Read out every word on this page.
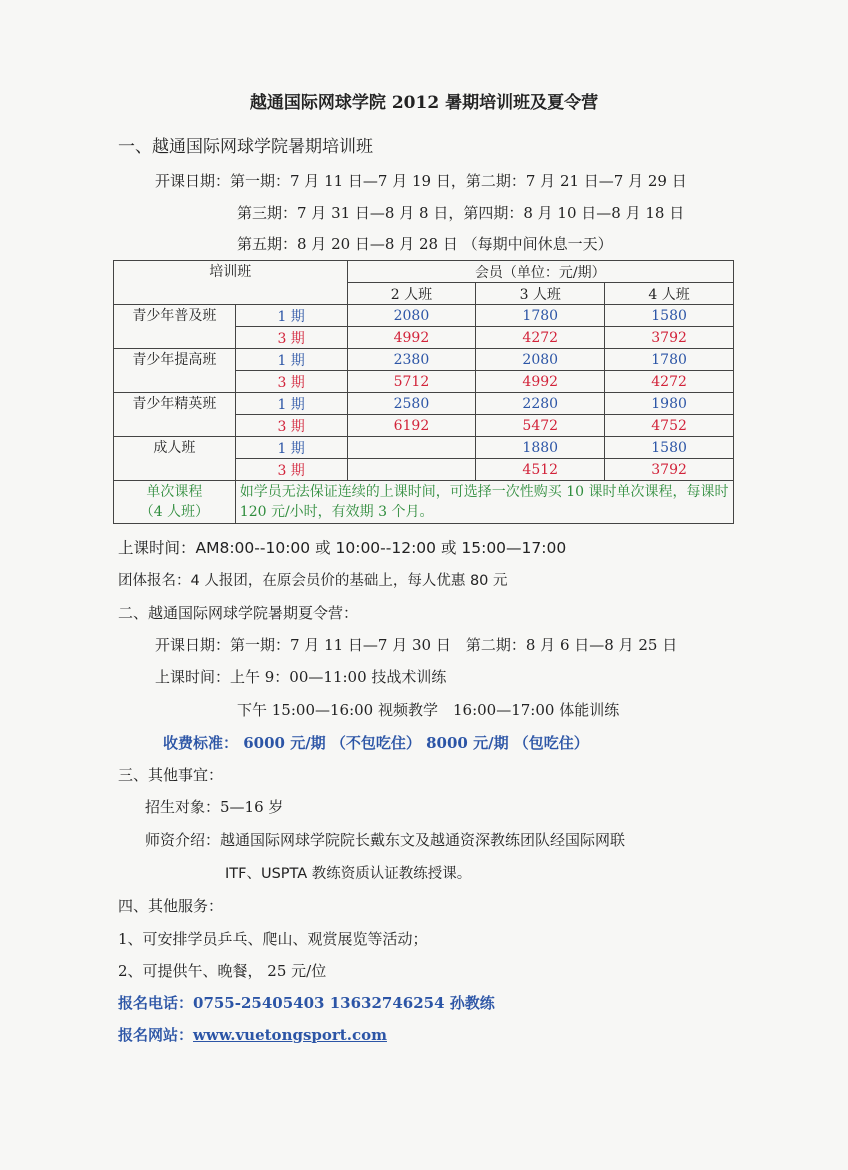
越通国际网球学院 2012 暑期培训班及夏令营
一、越通国际网球学院暑期培训班
开课日期：第一期：7 月 11 日—7 月 19 日，第二期：7 月 21 日—7 月 29 日
第三期：7 月 31 日—8 月 8 日，第四期：8 月 10 日—8 月 18 日
第五期：8 月 20 日—8 月 28 日 （每期中间休息一天）
培训班		会员（单位：元/期）		
		2 人班	3 人班	4 人班
青少年普及班	1 期	2080	1780	1580
	3 期	4992	4272	3792
青少年提高班	1 期	2380	2080	1780
	3 期	5712	4992	4272
青少年精英班	1 期	2580	2280	1980
	3 期	6192	5472	4752
成人班	1 期		1880	1580
	3 期		4512	3792

单次课程
（4 人班）	如学员无法保证连续的上课时间，可选择一次性购买 10 课时单次课程，每课时 120 元/小时，有效期 3 个月。			
上课时间：AM8:00--10:00 或 10:00--12:00 或 15:00—17:00
团体报名：4 人报团，在原会员价的基础上，每人优惠 80 元
二、越通国际网球学院暑期夏令营：
开课日期：第一期：7 月 11 日—7 月 30 日　第二期：8 月 6 日—8 月 25 日
上课时间：上午 9：00—11:00 技战术训练
下午 15:00—16:00 视频教学　16:00—17:00 体能训练
收费标准： 6000 元/期 （不包吃住） 8000 元/期 （包吃住）
三、其他事宜：
招生对象：5—16 岁
师资介绍：越通国际网球学院院长戴东文及越通资深教练团队经国际网联
ITF、USPTA 教练资质认证教练授课。
四、其他服务：
1、可安排学员乒乓、爬山、观赏展览等活动；
2、可提供午、晚餐， 25 元/位
报名电话：0755-25405403 13632746254 孙教练
报名网站：www.vuetongsport.com
